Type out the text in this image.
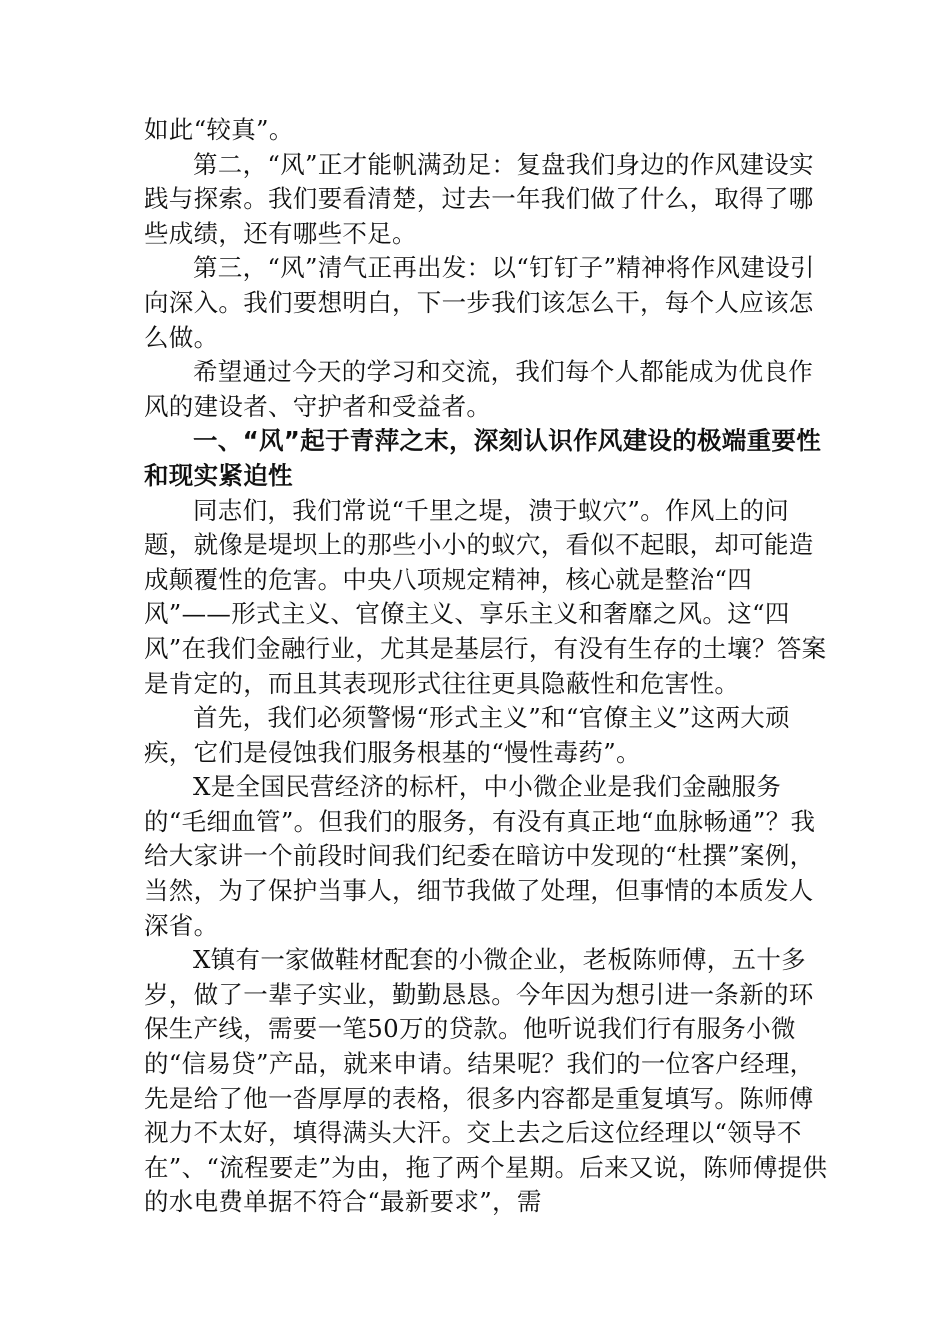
如此“较真”。

第二，“风”正才能帆满劲足：复盘我们身边的作风建设实践与探索。我们要看清楚，过去一年我们做了什么，取得了哪些成绩，还有哪些不足。

第三，“风”清气正再出发：以“钉钉子”精神将作风建设引向深入。我们要想明白，下一步我们该怎么干，每个人应该怎么做。

希望通过今天的学习和交流，我们每个人都能成为优良作风的建设者、守护者和受益者。

一、“风”起于青萍之末，深刻认识作风建设的极端重要性和现实紧迫性

同志们，我们常说“千里之堤，溃于蚁穴”。作风上的问题，就像是堤坝上的那些小小的蚁穴，看似不起眼，却可能造成颠覆性的危害。中央八项规定精神，核心就是整治“四风”——形式主义、官僚主义、享乐主义和奢靡之风。这“四风”在我们金融行业，尤其是基层行，有没有生存的土壤？答案是肯定的，而且其表现形式往往更具隐蔽性和危害性。

首先，我们必须警惕“形式主义”和“官僚主义”这两大顽疾，它们是侵蚀我们服务根基的“慢性毒药”。

X是全国民营经济的标杆，中小微企业是我们金融服务的“毛细血管”。但我们的服务，有没有真正地“血脉畅通”？我给大家讲一个前段时间我们纪委在暗访中发现的“杜撰”案例，当然，为了保护当事人，细节我做了处理，但事情的本质发人深省。

X镇有一家做鞋材配套的小微企业，老板陈师傅，五十多岁，做了一辈子实业，勤勤恳恳。今年因为想引进一条新的环保生产线，需要一笔50万的贷款。他听说我们行有服务小微的“信易贷”产品，就来申请。结果呢？我们的一位客户经理，先是给了他一沓厚厚的表格，很多内容都是重复填写。陈师傅视力不太好，填得满头大汗。交上去之后这位经理以“领导不在”、“流程要走”为由，拖了两个星期。后来又说，陈师傅提供的水电费单据不符合“最新要求”，需
